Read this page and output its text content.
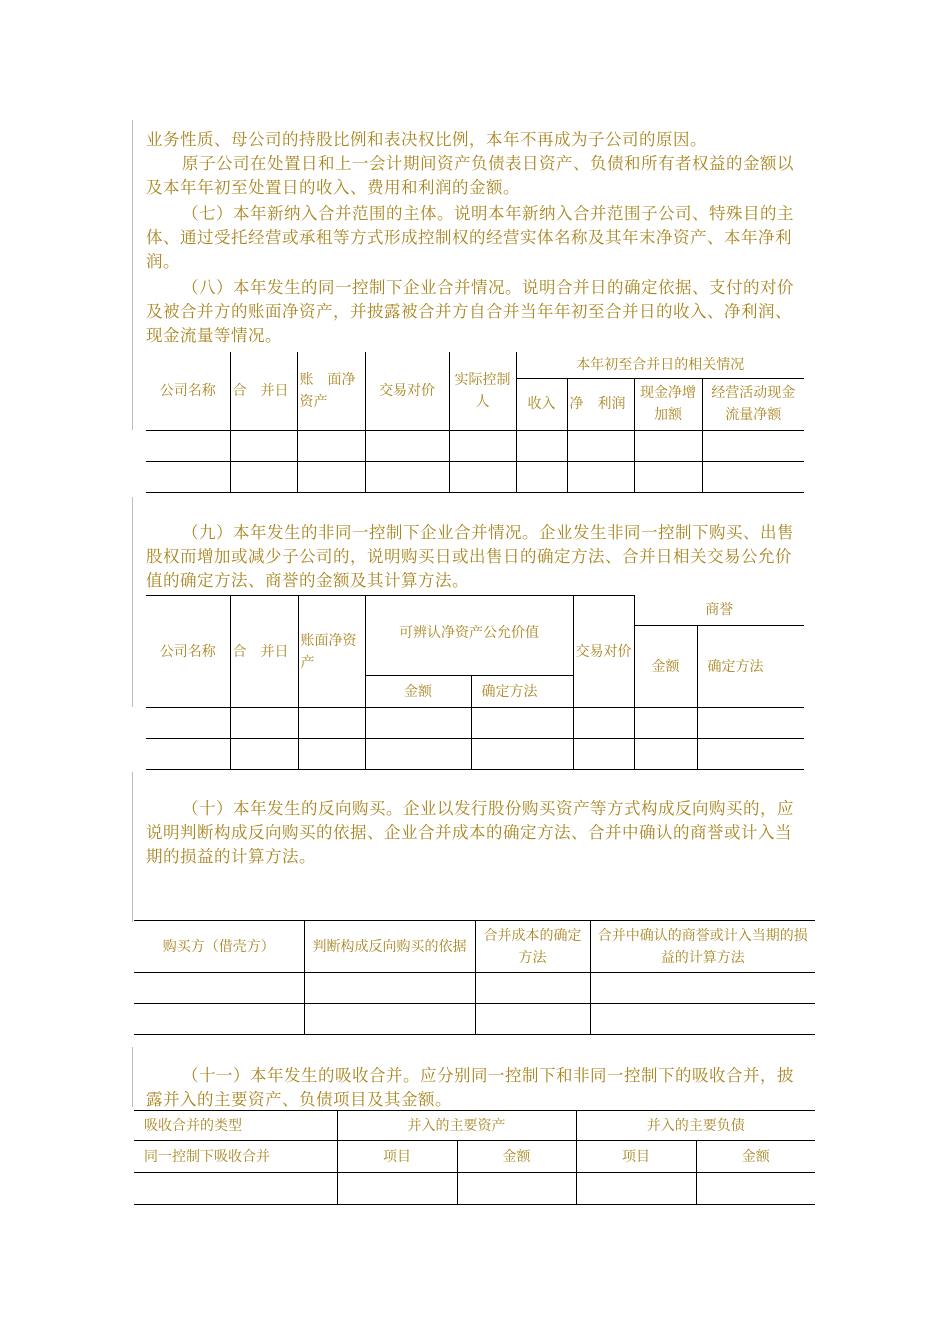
业务性质、母公司的持股比例和表决权比例，本年不再成为子公司的原因。

原子公司在处置日和上一会计期间资产负债表日资产、负债和所有者权益的金额以及本年年初至处置日的收入、费用和利润的金额。

（七）本年新纳入合并范围的主体。说明本年新纳入合并范围子公司、特殊目的主体、通过受托经营或承租等方式形成控制权的经营实体名称及其年末净资产、本年净利润。

（八）本年发生的同一控制下企业合并情况。说明合并日的确定依据、支付的对价及被合并方的账面净资产，并披露被合并方自合并当年年初至合并日的收入、净利润、现金流量等情况。

公司名称	合　并日	账　面净资产	交易对价	实际控制人	本年初至合并日的相关情况			
					收入	净　利润	现金净增加额	经营活动现金流量净额

（九）本年发生的非同一控制下企业合并情况。企业发生非同一控制下购买、出售股权而增加或减少子公司的，说明购买日或出售日的确定方法、合并日相关交易公允价值的确定方法、商誉的金额及其计算方法。

公司名称	合　并日	账面净资产	可辨认净资产公允价值		交易对价	商誉	
						金额	确定方法
			金额	确定方法			

（十）本年发生的反向购买。企业以发行股份购买资产等方式构成反向购买的，应说明判断构成反向购买的依据、企业合并成本的确定方法、合并中确认的商誉或计入当期的损益的计算方法。

购买方（借壳方）	判断构成反向购买的依据	合并成本的确定方法	合并中确认的商誉或计入当期的损益的计算方法

（十一）本年发生的吸收合并。应分别同一控制下和非同一控制下的吸收合并，披露并入的主要资产、负债项目及其金额。

吸收合并的类型	并入的主要资产		并入的主要负债	
同一控制下吸收合并	项目	金额	项目	金额
